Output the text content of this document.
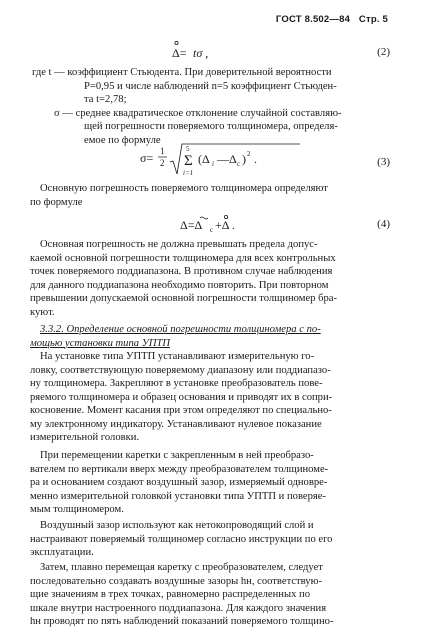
ГОСТ 8.502—84 Стр. 5
Δ= tσ ,	(2)
где t — коэффициент Стьюдента. При доверительной вероятности
P=0,95 и числе наблюдений n=5 коэффициент Стьюден-
та t=2,78;
σ — среднее квадратическое отклонение случайной составляю-
щей погрешности поверяемого толщиномера, определя-
емое по формуле
σ= 1
2
5
Σ
i=1
(Δ i —Δ c ) 2 .	(3)
Основную погрешность поверяемого толщиномера определяют
по формуле
Δ=Δ c +Δ .	(4)
Основная погрешность не должна превышать предела допус-
каемой основной погрешности толщиномера для всех контрольных
точек поверяемого поддиапазона. В противном случае наблюдения
для данного поддиапазона необходимо повторить. При повторном
превышении допускаемой основной погрешности толщиномер бра-
куют.
3.3.2. Определение основной погрешности толщиномера с по-
мощью установки типа УПТП
На установке типа УПТП устанавливают измерительную го-
ловку, соответствующую поверяемому диапазону или поддиапазо-
ну толщиномера. Закрепляют в установке преобразователь пове-
ряемого толщиномера и образец основания и приводят их в сопри-
косновение. Момент касания при этом определяют по специально-
му электронному индикатору. Устанавливают нулевое показание
измерительной головки.
При перемещении каретки с закрепленным в ней преобразо-
вателем по вертикали вверх между преобразователем толщиноме-
ра и основанием создают воздушный зазор, измеряемый одновре-
менно измерительной головкой установки типа УПТП и поверяе-
мым толщиномером.
Воздушный зазор используют как нетокопроводящий слой и
настраивают поверяемый толщиномер согласно инструкции по его
эксплуатации.
Затем, плавно перемещая каретку с преобразователем, следует
последовательно создавать воздушные зазоры hн, соответствую-
щие значениям в трех точках, равномерно распределенных по
шкале внутри настроенного поддиапазона. Для каждого значения
hн проводят по пять наблюдений показаний поверяемого толщино-
